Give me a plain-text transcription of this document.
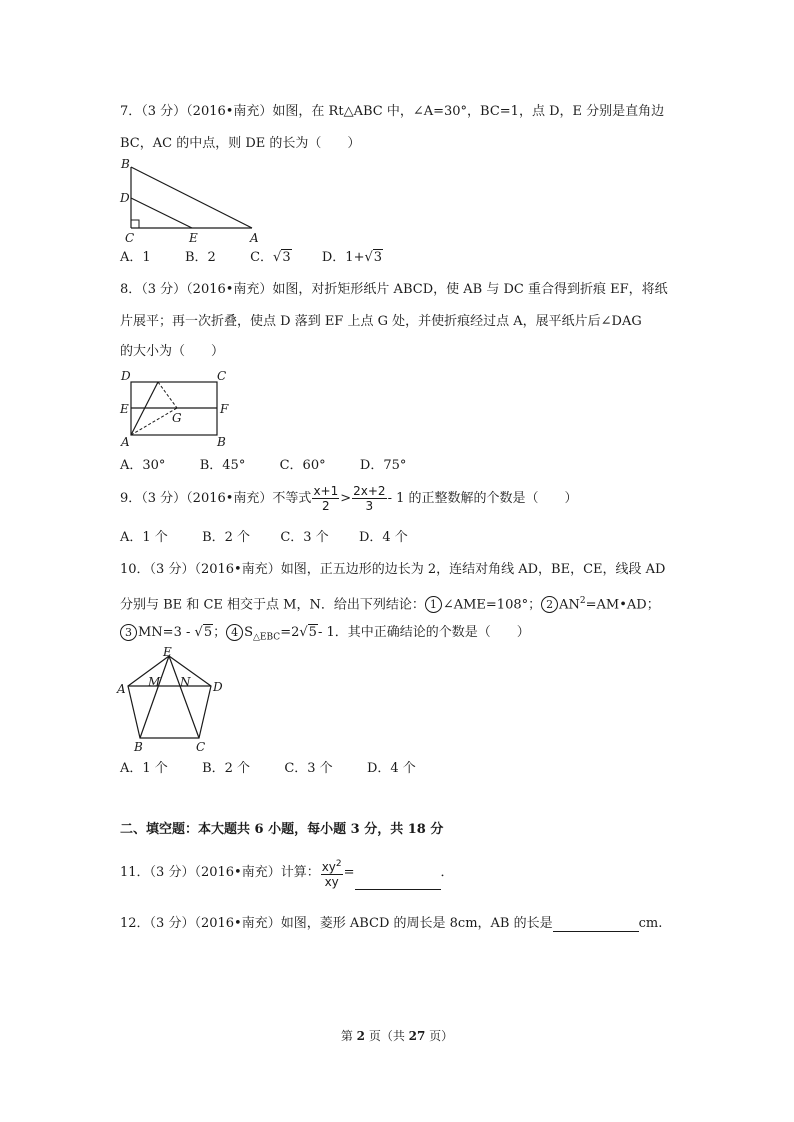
7．（3 分）（2016•南充）如图，在 Rt△ABC 中，∠A=30°，BC=1，点 D，E 分别是直角边
BC，AC 的中点，则 DE 的长为（　　）
B
D
C	E	A
A．1	B．2	C．√3 D．1+√3
8．（3 分）（2016•南充）如图，对折矩形纸片 ABCD，使 AB 与 DC 重合得到折痕 EF，将纸
片展平；再一次折叠，使点 D 落到 EF 上点 G 处，并使折痕经过点 A，展平纸片后∠DAG
的大小为（　　）
D	C
E	F
G
A	B
A．30°	B．45°	C．60°	D．75°
9．（3 分）（2016•南充）不等式 $\frac{x+1}{2} > \frac{2x+2}{3} - 1$ 的正整数解的个数是（　　）
A．1 个	B．2 个 C．3 个 D．4 个
10．（3 分）（2016•南充）如图，正五边形的边长为 2，连结对角线 AD，BE，CE，线段 AD
分别与 BE 和 CE 相交于点 M，N．给出下列结论： 1 ∠AME=108°； 2 $AN^2=AM•AD$；
3 MN=3 - √5； 4 $S_{\triangle EBC}=2√5-$ 1．其中正确结论的个数是（　　）
E
A M N D
B	C
A．1 个	B．2 个	C．3 个	D．4 个
二、填空题：本大题共 6 小题，每小题 3 分，共 18 分
11．（3 分）（2016•南充）计算： $\frac{xy^2}{xy}$ =	．
12．（3 分）（2016•南充）如图，菱形 ABCD 的周长是 8cm，AB 的长是	cm.
第 2 页（共 27 页）
